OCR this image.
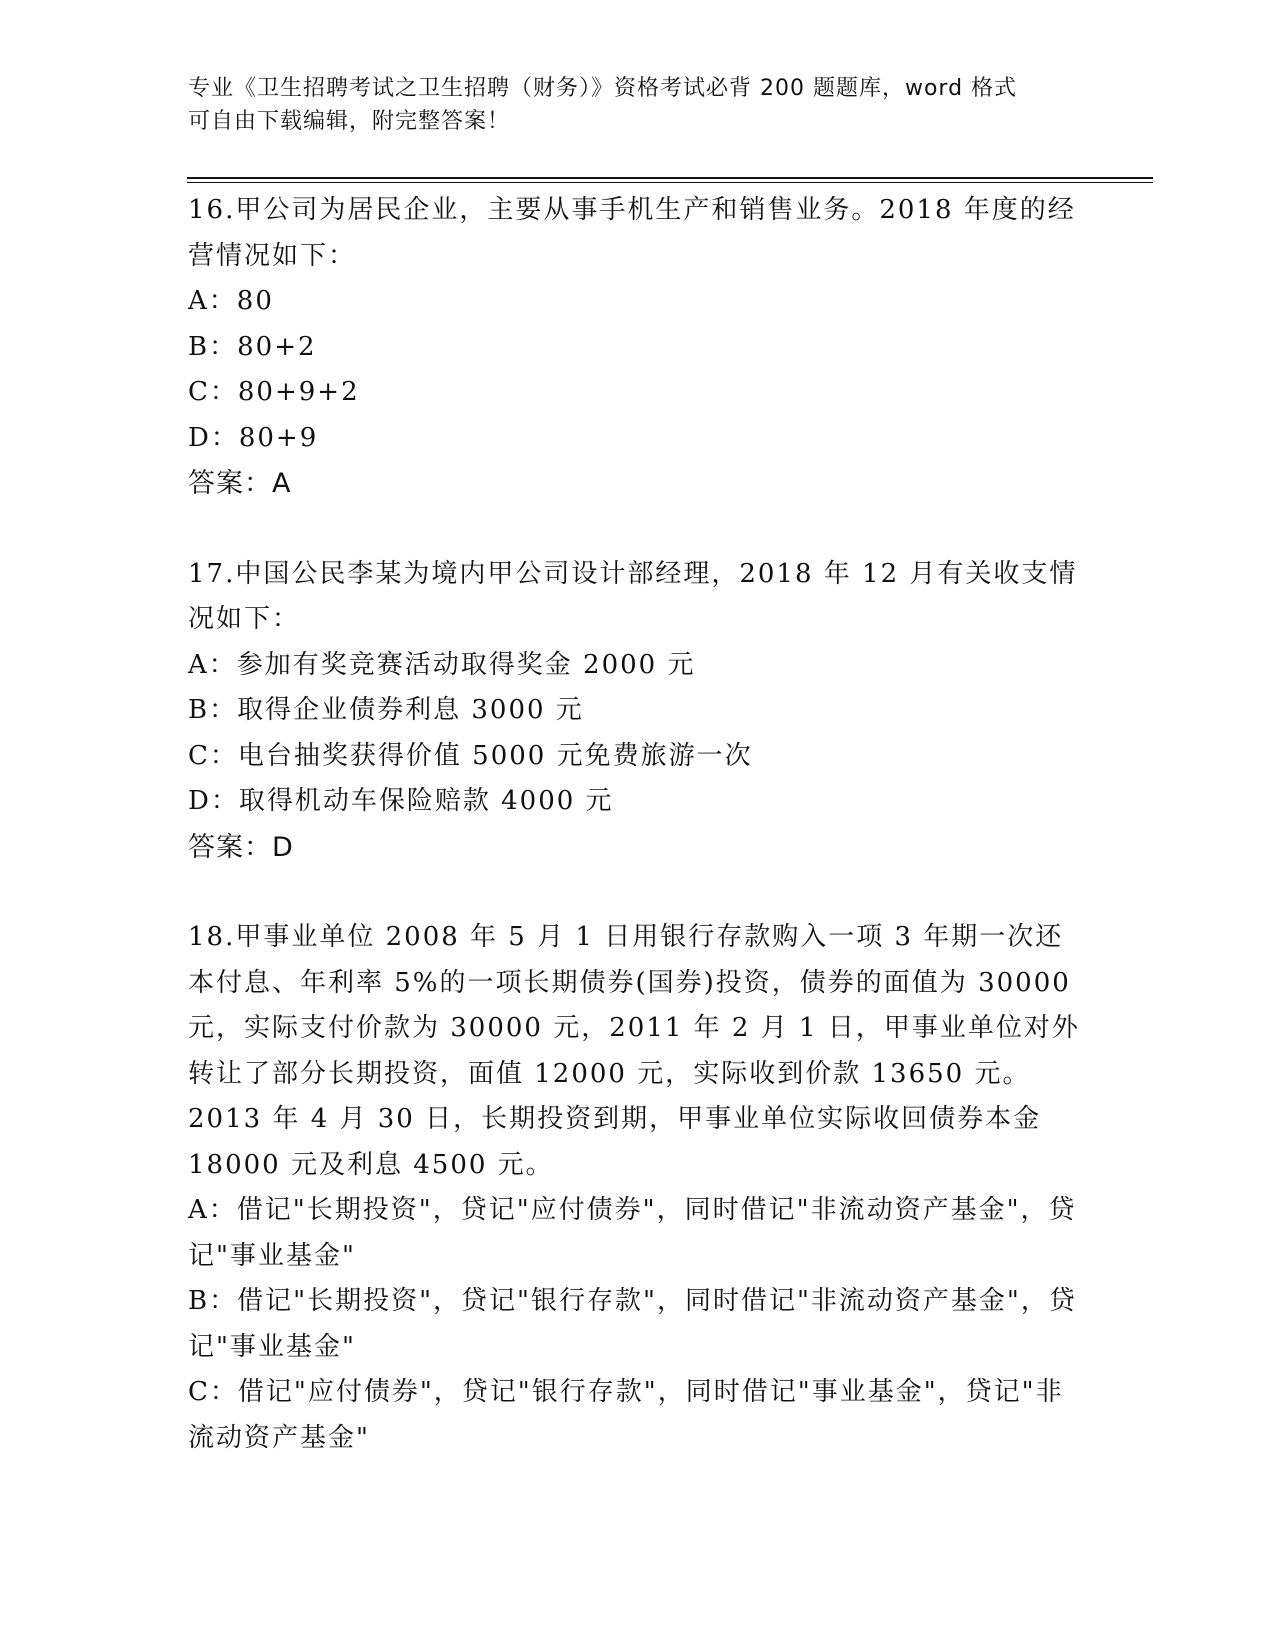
专业《卫生招聘考试之卫生招聘（财务）》资格考试必背 200 题题库，word 格式
可自由下载编辑，附完整答案！

16.甲公司为居民企业，主要从事手机生产和销售业务。2018 年度的经营情况如下：

A：80

B：80+2

C：80+9+2

D：80+9

答案：A

17.中国公民李某为境内甲公司设计部经理，2018 年 12 月有关收支情况如下：

A：参加有奖竞赛活动取得奖金 2000 元

B：取得企业债券利息 3000 元

C：电台抽奖获得价值 5000 元免费旅游一次

D：取得机动车保险赔款 4000 元

答案：D

18.甲事业单位 2008 年 5 月 1 日用银行存款购入一项 3 年期一次还本付息、年利率 5%的一项长期债券(国券)投资，债券的面值为 30000 元，实际支付价款为 30000 元，2011 年 2 月 1 日，甲事业单位对外转让了部分长期投资，面值 12000 元，实际收到价款 13650 元。2013 年 4 月 30 日，长期投资到期，甲事业单位实际收回债券本金 18000 元及利息 4500 元。

A：借记"长期投资"，贷记"应付债券"，同时借记"非流动资产基金"，贷记"事业基金"

B：借记"长期投资"，贷记"银行存款"，同时借记"非流动资产基金"，贷记"事业基金"

C：借记"应付债券"，贷记"银行存款"，同时借记"事业基金"，贷记"非流动资产基金"
